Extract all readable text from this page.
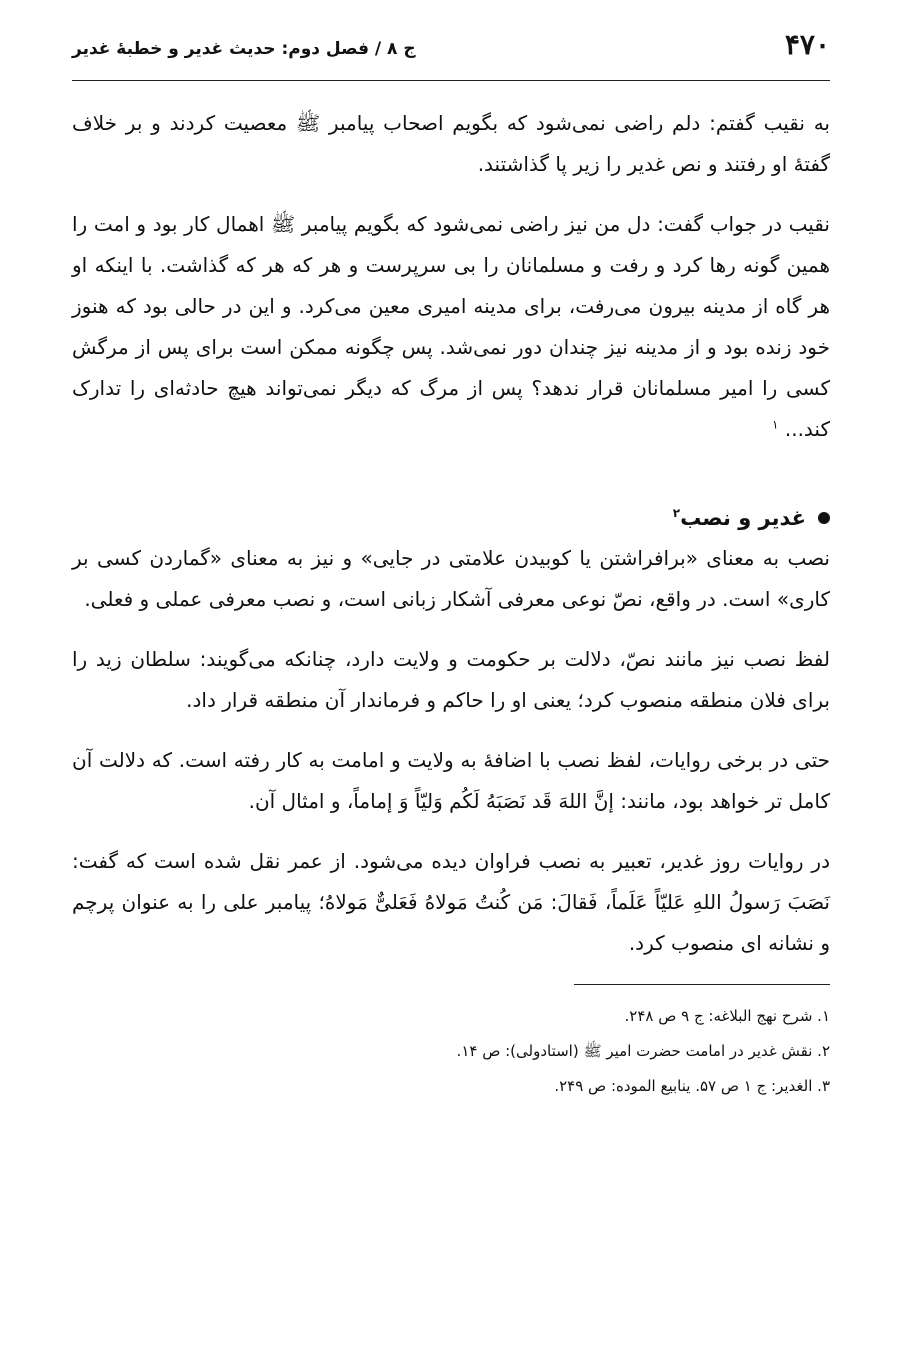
۴۷۰
ج ۸ / فصل دوم: حدیث غدیر و خطبهٔ غدیر

به نقیب گفتم: دلم راضی نمی‌شود که بگویم اصحاب پیامبر ﷺ معصیت کردند و بر خلاف گفتهٔ او رفتند و نص غدیر را زیر پا گذاشتند.

نقیب در جواب گفت: دل من نیز راضی نمی‌شود که بگویم پیامبر ﷺ اهمال کار بود و امت را همین گونه رها کرد و رفت و مسلمانان را بی سرپرست و هر که هر که گذاشت. با اینکه او هر گاه از مدینه بیرون می‌رفت، برای مدینه امیری معین می‌کرد. و این در حالی بود که هنوز خود زنده بود و از مدینه نیز چندان دور نمی‌شد. پس چگونه ممکن است برای پس از مرگش کسی را امیر مسلمانان قرار ندهد؟ پس از مرگ که دیگر نمی‌تواند هیچ حادثه‌ای را تدارک کند... $^۱$

غدیر و نصب$^۲$

نصب به معنای «برافراشتن یا کوبیدن علامتی در جایی» و نیز به معنای «گماردن کسی بر کاری» است. در واقع، نصّ نوعی معرفی آشکار زبانی است، و نصب معرفی عملی و فعلی.

لفظ نصب نیز مانند نصّ، دلالت بر حکومت و ولایت دارد، چنانکه می‌گویند: سلطان زید را برای فلان منطقه منصوب کرد؛ یعنی او را حاکم و فرماندار آن منطقه قرار داد.

حتی در برخی روایات، لفظ نصب با اضافهٔ به ولایت و امامت به کار رفته است. که دلالت آن کامل تر خواهد بود، مانند: إنَّ اللهَ قَد نَصَبَهُ لَکُم وَلیّاً وَ إماماً، و امثال آن.

در روایات روز غدیر، تعبیر به نصب فراوان دیده می‌شود. از عمر نقل شده است که گفت: نَصَبَ رَسولُ اللهِ عَلیّاً عَلَماً، فَقالَ: مَن کُنتُ مَولاهُ فَعَلیٌّ مَولاهُ؛ پیامبر علی را به عنوان پرچم و نشانه ای منصوب کرد.

۱. شرح نهج البلاغه: ج ۹ ص ۲۴۸.
۲. نقش غدیر در امامت حضرت امیر ﷺ (استادولی): ص ۱۴.
۳. الغدیر: ج ۱ ص ۵۷. ینابیع الموده: ص ۲۴۹.
